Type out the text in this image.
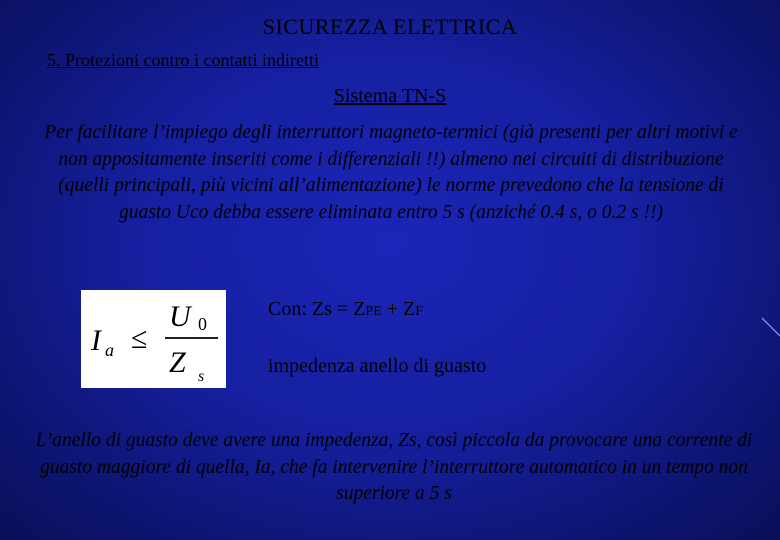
SICUREZZA ELETTRICA
5. Protezioni contro i contatti indiretti
Sistema TN-S
Per facilitare l’impiego degli interruttori magneto-termici (già presenti per altri motivi e non appositamente inseriti come i differenziali !!) almeno nei circuiti di distribuzione (quelli principali, più vicini all’alimentazione) le norme prevedono che la tensione di guasto Uco debba essere eliminata entro 5 s (anziché 0.4 s, o 0.2 s !!)
I a ≤
U 0
Z s
Con: Zs = ZPE + ZF
impedenza anello di guasto
L’anello di guasto deve avere una impedenza, Zs, così piccola da provocare una corrente di guasto maggiore di quella, Ia, che fa intervenire l’interruttore automatico in un tempo non superiore a 5 s
